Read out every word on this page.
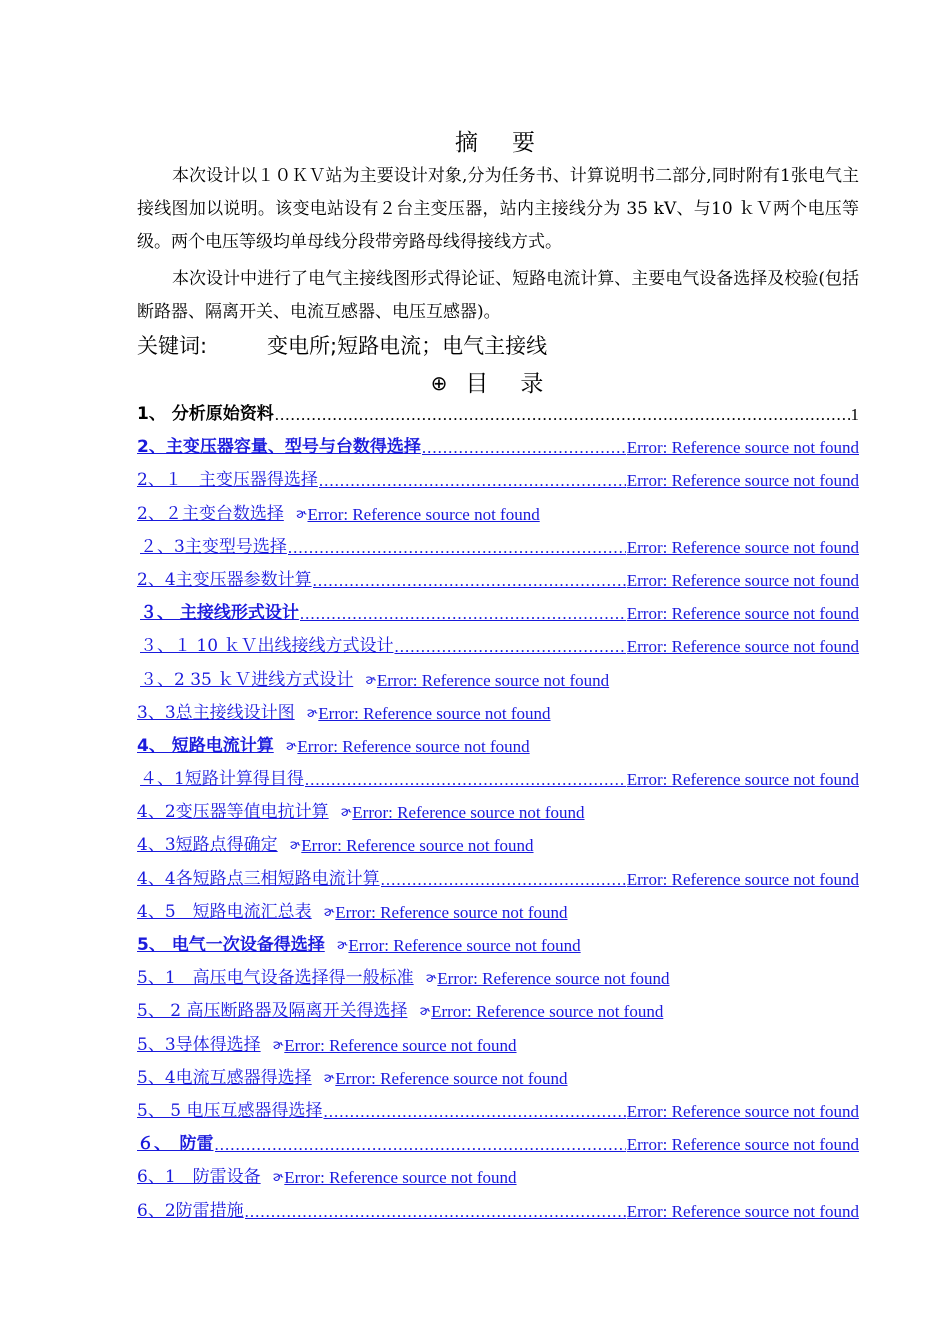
摘 要
本次设计以１０ＫＶ站为主要设计对象,分为任务书、计算说明书二部分,同时附有1张电气主接线图加以说明。该变电站设有２台主变压器，站内主接线分为 35 kV、与10 ｋＶ两个电压等级。两个电压等级均单母线分段带旁路母线得接线方式。
本次设计中进行了电气主接线图形式得论证、短路电流计算、主要电气设备选择及校验(包括断路器、隔离开关、电流互感器、电压互感器)。
关键词:	变电所;短路电流；电气主接线
⊕ 目 录
1、 分析原始资料 .....	1
2、主变压器容量、型号与台数得选择 .....	Error: Reference source not found
2、１　主变压器得选择 .....	Error: Reference source not found
2、２主变台数选择 ɚ Error: Reference source not found
２、3主变型号选择 .....	Error: Reference source not found
2、4主变压器参数计算 .....	Error: Reference source not found
３、 主接线形式设计 .....	Error: Reference source not found
３、１ 10 ｋＶ出线接线方式设计 .....	Error: Reference source not found
３、2 35 ｋＶ进线方式设计 ɚ Error: Reference source not found
3、3总主接线设计图 ɚ Error: Reference source not found
4、 短路电流计算 ɚ Error: Reference source not found
４、1短路计算得目得 .....	Error: Reference source not found
4、2变压器等值电抗计算 ɚ Error: Reference source not found
4、3短路点得确定 ɚ Error: Reference source not found
4、4各短路点三相短路电流计算 .....	Error: Reference source not found
4、5　短路电流汇总表 ɚ Error: Reference source not found
5、 电气一次设备得选择 ɚ Error: Reference source not found
5、1　高压电气设备选择得一般标准 ɚ Error: Reference source not found
5、 2 高压断路器及隔离开关得选择 ɚ Error: Reference source not found
5、3导体得选择 ɚ Error: Reference source not found
5、4电流互感器得选择 ɚ Error: Reference source not found
5、 5 电压互感器得选择 .....	Error: Reference source not found
６、　防雷 .....	Error: Reference source not found
6、1　防雷设备 ɚ Error: Reference source not found
6、2防雷措施 .....	Error: Reference source not found
